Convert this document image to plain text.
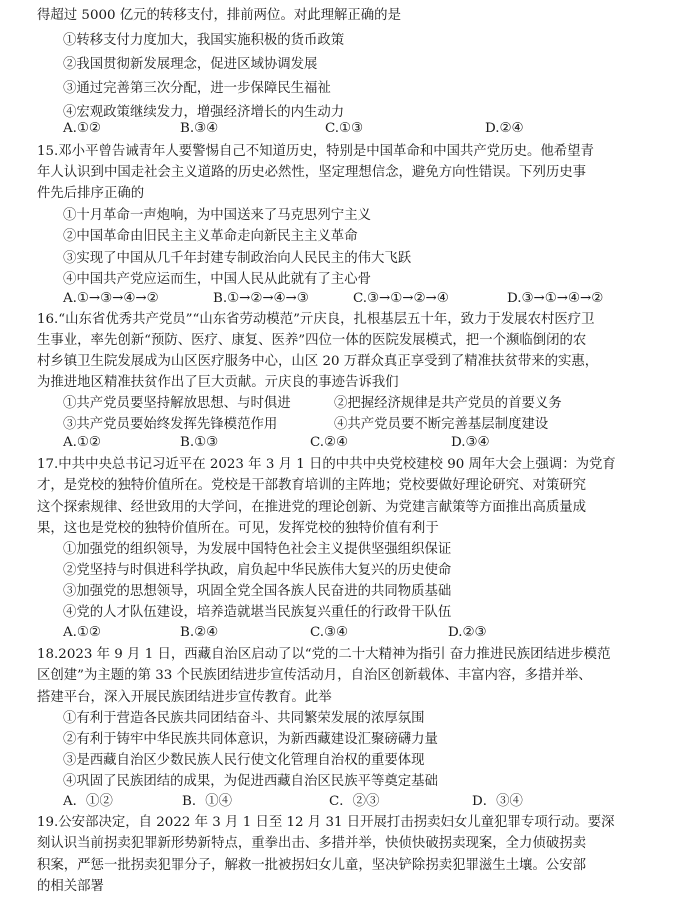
得超过 5000 亿元的转移支付，排前两位。对此理解正确的是
①转移支付力度加大，我国实施积极的货币政策
②我国贯彻新发展理念，促进区域协调发展
③通过完善第三次分配，进一步保障民生福祉
④宏观政策继续发力，增强经济增长的内生动力
A.①②	B.③④	C.①③	D.②④
15.邓小平曾告诫青年人要警惕自己不知道历史，特别是中国革命和中国共产党历史。他希望青
年人认识到中国走社会主义道路的历史必然性，坚定理想信念，避免方向性错误。下列历史事
件先后排序正确的
①十月革命一声炮响，为中国送来了马克思列宁主义
②中国革命由旧民主主义革命走向新民主主义革命
③实现了中国从几千年封建专制政治向人民民主的伟大飞跃
④中国共产党应运而生，中国人民从此就有了主心骨
A.①→③→④→②	B.①→②→④→③	C.③→①→②→④	D.③→①→④→②
16.“山东省优秀共产党员”“山东省劳动模范”亓庆良，扎根基层五十年，致力于发展农村医疗卫
生事业，率先创新“预防、医疗、康复、医养”四位一体的医院发展模式，把一个濒临倒闭的农
村乡镇卫生院发展成为山区医疗服务中心，山区 20 万群众真正享受到了精准扶贫带来的实惠，
为推进地区精准扶贫作出了巨大贡献。亓庆良的事迹告诉我们
①共产党员要坚持解放思想、与时俱进	②把握经济规律是共产党员的首要义务
③共产党员要始终发挥先锋模范作用	④共产党员要不断完善基层制度建设
A.①②	B.①③	C.②④	D.③④
17.中共中央总书记习近平在 2023 年 3 月 1 日的中共中央党校建校 90 周年大会上强调：为党育
才，是党校的独特价值所在。党校是干部教育培训的主阵地；党校要做好理论研究、对策研究
这个探索规律、经世致用的大学问，在推进党的理论创新、为党建言献策等方面推出高质量成
果，这也是党校的独特价值所在。可见，发挥党校的独特价值有利于
①加强党的组织领导，为发展中国特色社会主义提供坚强组织保证
②党坚持与时俱进科学执政，肩负起中华民族伟大复兴的历史使命
③加强党的思想领导，巩固全党全国各族人民奋进的共同物质基础
④党的人才队伍建设，培养造就堪当民族复兴重任的行政骨干队伍
A.①②	B.②④	C.③④	D.②③
18.2023 年 9 月 1 日，西藏自治区启动了以“党的二十大精神为指引 奋力推进民族团结进步模范
区创建”为主题的第 33 个民族团结进步宣传活动月，自治区创新载体、丰富内容，多措并举、
搭建平台，深入开展民族团结进步宣传教育。此举
①有利于营造各民族共同团结奋斗、共同繁荣发展的浓厚氛围
②有利于铸牢中华民族共同体意识，为新西藏建设汇聚磅礴力量
③是西藏自治区少数民族人民行使文化管理自治权的重要体现
④巩固了民族团结的成果，为促进西藏自治区民族平等奠定基础
A．①②	B．①④	C．②③	D．③④
19.公安部决定，自 2022 年 3 月 1 日至 12 月 31 日开展打击拐卖妇女儿童犯罪专项行动。要深
刻认识当前拐卖犯罪新形势新特点，重拳出击、多措并举，快侦快破拐卖现案，全力侦破拐卖
积案，严惩一批拐卖犯罪分子，解救一批被拐妇女儿童，坚决铲除拐卖犯罪滋生土壤。公安部
的相关部署
